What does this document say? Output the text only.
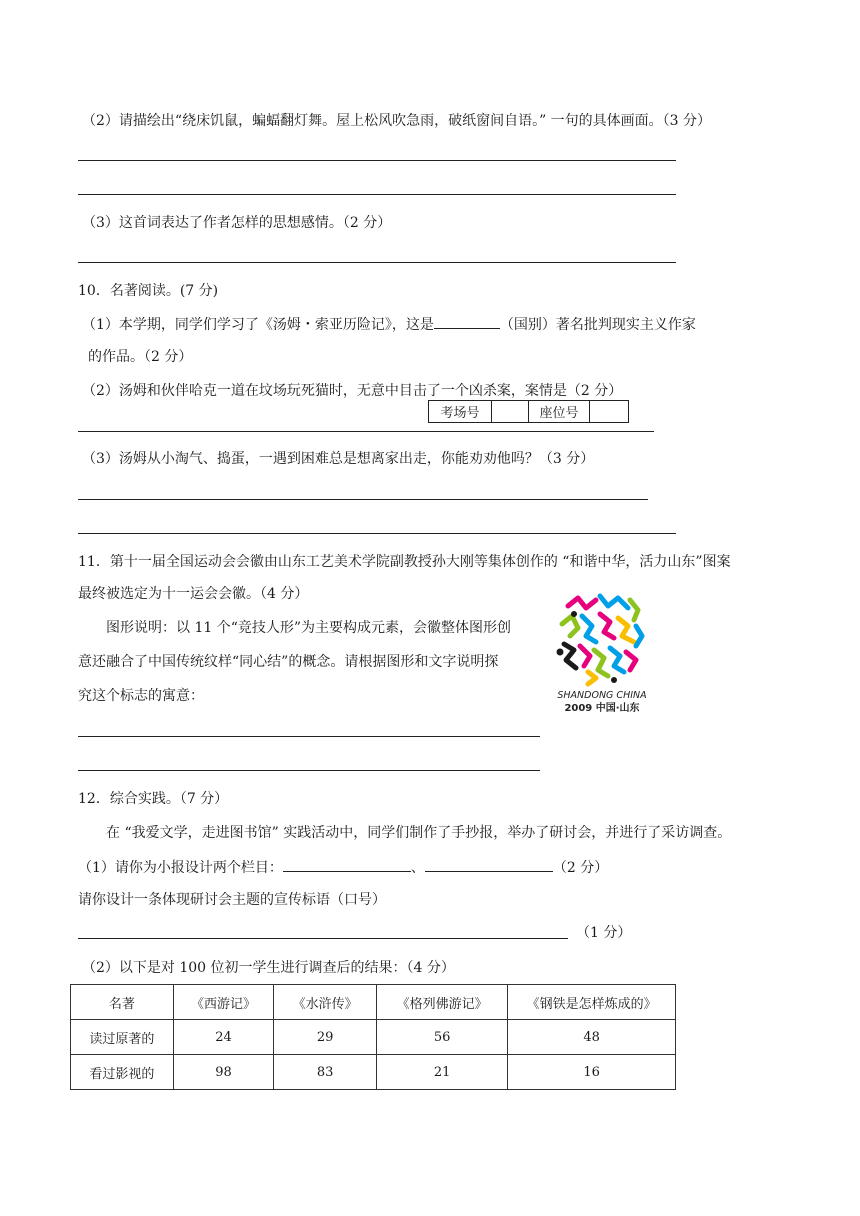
（2）请描绘出“绕床饥鼠，蝙蝠翻灯舞。屋上松风吹急雨，破纸窗间自语。” 一句的具体画面。（3 分）
（3）这首词表达了作者怎样的思想感情。（2 分）
10．名著阅读。(7 分)
（1）本学期，同学们学习了《汤姆・索亚历险记》，这是	（国别）著名批判现实主义作家
的作品。（2 分）
（2）汤姆和伙伴哈克一道在坟场玩死猫时，无意中目击了一个凶杀案，案情是（2 分）
考场号		座位号	
（3）汤姆从小淘气、捣蛋，一遇到困难总是想离家出走，你能劝劝他吗？（3 分）
11．第十一届全国运动会会徽由山东工艺美术学院副教授孙大刚等集体创作的 “和谐中华，活力山东”图案
最终被选定为十一运会会徽。（4 分）
图形说明：以 11 个“竞技人形”为主要构成元素，会徽整体图形创
意还融合了中国传统纹样“同心结”的概念。请根据图形和文字说明探
究这个标志的寓意：	SHANDONG CHINA
2009 中国·山东
12．综合实践。（7 分）
在 “我爱文学，走进图书馆” 实践活动中，同学们制作了手抄报，举办了研讨会，并进行了采访调查。
（1）请你为小报设计两个栏目：	、	（2 分）
请你设计一条体现研讨会主题的宣传标语（口号）
（1 分）
（2）以下是对 100 位初一学生进行调查后的结果：（4 分）
名著	《西游记》	《水浒传》	《格列佛游记》	《钢铁是怎样炼成的》
读过原著的	24	29	56	48
看过影视的	98	83	21	16
